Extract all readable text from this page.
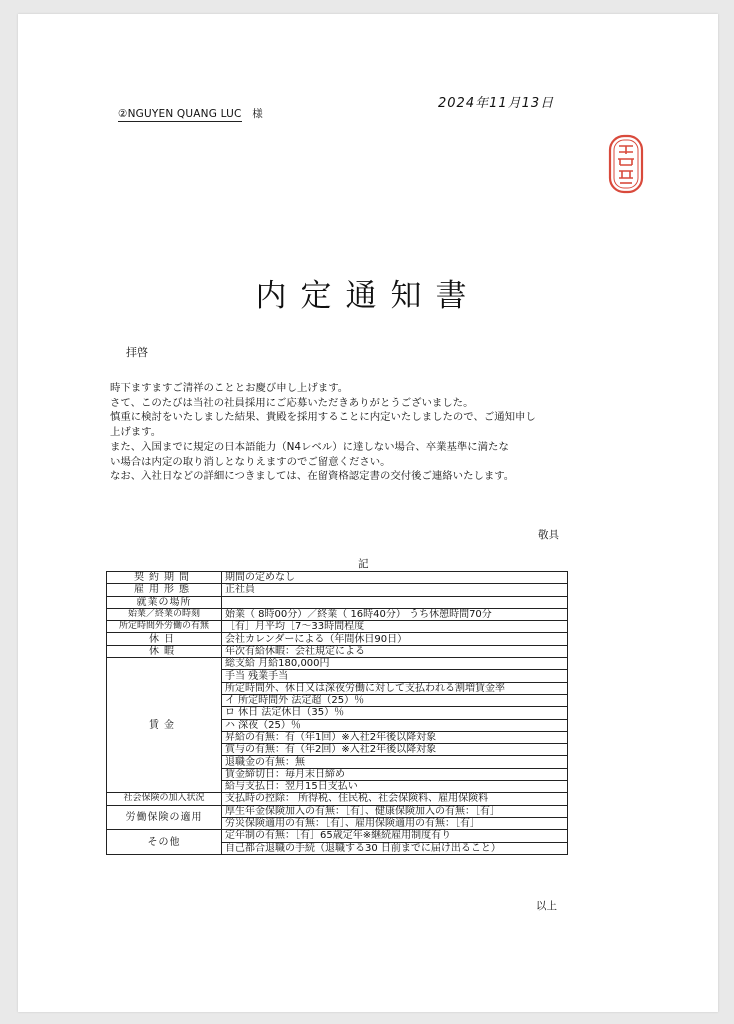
②NGUYEN QUANG LUC 様
2024年11月13日
内定通知書
拝啓
時下ますますご清祥のこととお慶び申し上げます。
さて、このたびは当社の社員採用にご応募いただきありがとうございました。
慎重に検討をいたしました結果、貴殿を採用することに内定いたしましたので、ご通知申し
上げます。
また、入国までに規定の日本語能力（N4レベル）に達しない場合、卒業基準に満たな
い場合は内定の取り消しとなりえますのでご留意ください。
なお、入社日などの詳細につきましては、在留資格認定書の交付後ご連絡いたします。
敬具
記
契約期間	期間の定めなし
雇用形態	正社員
就業の場所	
始業／終業の時刻	始業（ 8時00分）／終業（ 16時40分） うち休憩時間70分
所定時間外労働の有無	［有］月平均［7～33時間程度
休日	会社カレンダーによる（年間休日90日）
休暇	年次有給休暇：会社規定による
賃金	総支給 月給180,000円
	手当 残業手当
	所定時間外、休日又は深夜労働に対して支払われる割増賃金率
	イ 所定時間外 法定超（25）％
	ロ 休日 法定休日（35）％
	ハ 深夜（25）％
	昇給の有無：有（年1回）※入社2年後以降対象
	賞与の有無：有（年2回）※入社2年後以降対象
	退職金の有無：無
	賃金締切日：毎月末日締め
	給与支払日：翌月15日支払い
社会保険の加入状況	支払時の控除： 所得税、住民税、社会保険料、雇用保険料
労働保険の適用	厚生年金保険加入の有無：［有］、健康保険加入の有無：［有］
	労災保険適用の有無：［有］、雇用保険適用の有無：［有］
その他	定年制の有無：［有］65歳定年※継続雇用制度有り
	自己都合退職の手続（退職する30 日前までに届け出ること）
以上
